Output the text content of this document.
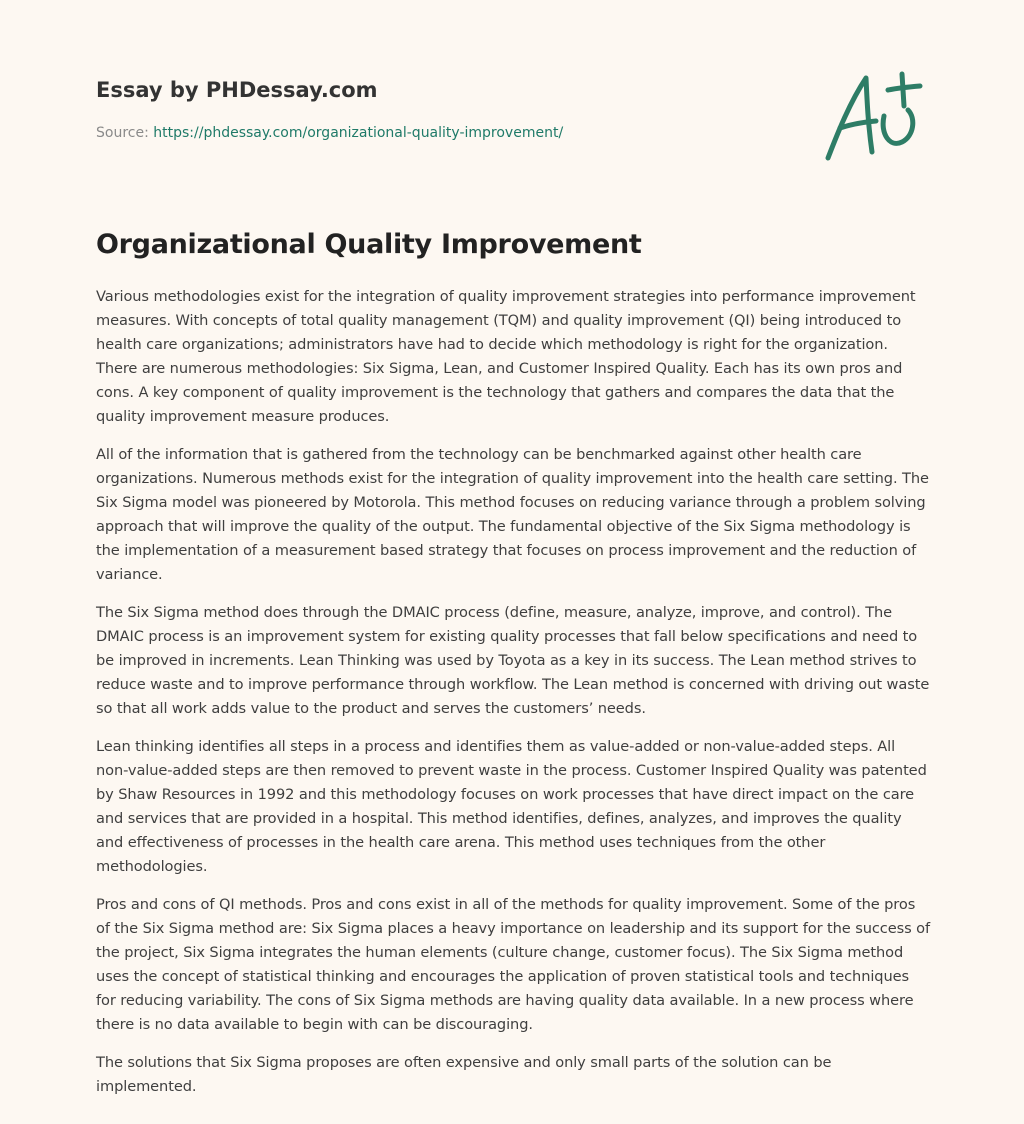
Essay by PHDessay.com
Source: https://phdessay.com/organizational-quality-improvement/
Organizational Quality Improvement

Various methodologies exist for the integration of quality improvement strategies into performance improvement measures. With concepts of total quality management (TQM) and quality improvement (QI) being introduced to health care organizations; administrators have had to decide which methodology is right for the organization. There are numerous methodologies: Six Sigma, Lean, and Customer Inspired Quality. Each has its own pros and cons. A key component of quality improvement is the technology that gathers and compares the data that the quality improvement measure produces.

All of the information that is gathered from the technology can be benchmarked against other health care organizations. Numerous methods exist for the integration of quality improvement into the health care setting. The Six Sigma model was pioneered by Motorola. This method focuses on reducing variance through a problem solving approach that will improve the quality of the output. The fundamental objective of the Six Sigma methodology is the implementation of a measurement based strategy that focuses on process improvement and the reduction of variance.

The Six Sigma method does through the DMAIC process (define, measure, analyze, improve, and control). The DMAIC process is an improvement system for existing quality processes that fall below specifications and need to be improved in increments. Lean Thinking was used by Toyota as a key in its success. The Lean method strives to reduce waste and to improve performance through workflow. The Lean method is concerned with driving out waste so that all work adds value to the product and serves the customers’ needs.

Lean thinking identifies all steps in a process and identifies them as value-added or non-value-added steps. All non-value-added steps are then removed to prevent waste in the process. Customer Inspired Quality was patented by Shaw Resources in 1992 and this methodology focuses on work processes that have direct impact on the care and services that are provided in a hospital. This method identifies, defines, analyzes, and improves the quality and effectiveness of processes in the health care arena. This method uses techniques from the other methodologies.

Pros and cons of QI methods. Pros and cons exist in all of the methods for quality improvement. Some of the pros of the Six Sigma method are: Six Sigma places a heavy importance on leadership and its support for the success of the project, Six Sigma integrates the human elements (culture change, customer focus). The Six Sigma method uses the concept of statistical thinking and encourages the application of proven statistical tools and techniques for reducing variability. The cons of Six Sigma methods are having quality data available. In a new process where there is no data available to begin with can be discouraging.

The solutions that Six Sigma proposes are often expensive and only small parts of the solution can be implemented.
